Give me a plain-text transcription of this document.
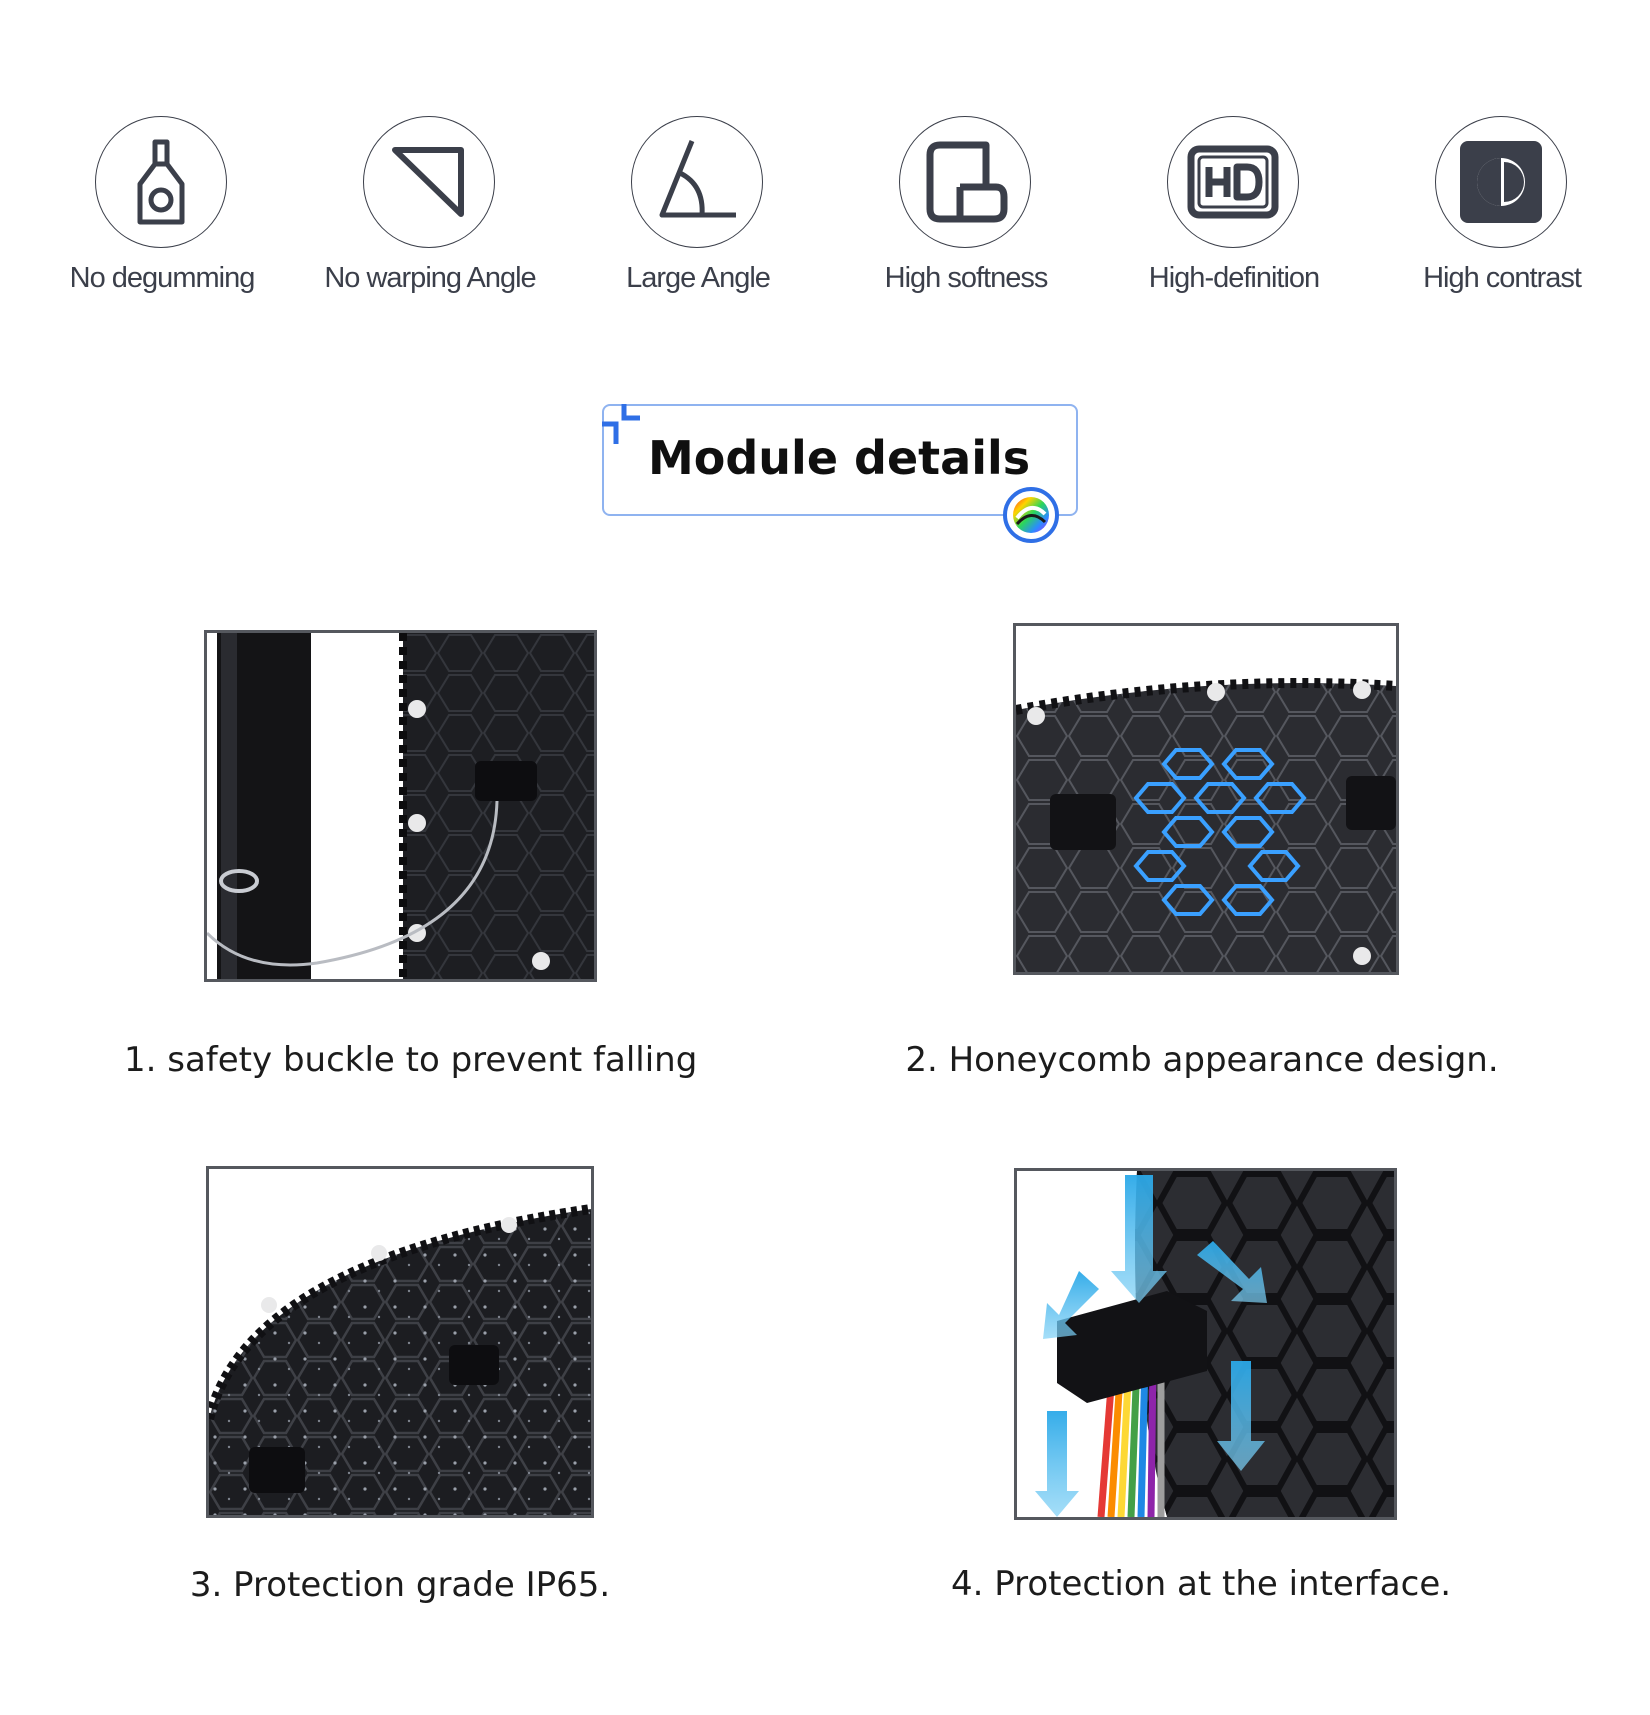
No degumming	No warping Angle	Large Angle	High softness	High-definition	High contrast
Module details
1. safety buckle to prevent falling	2. Honeycomb appearance design.
3. Protection grade IP65.	4. Protection at the interface.
